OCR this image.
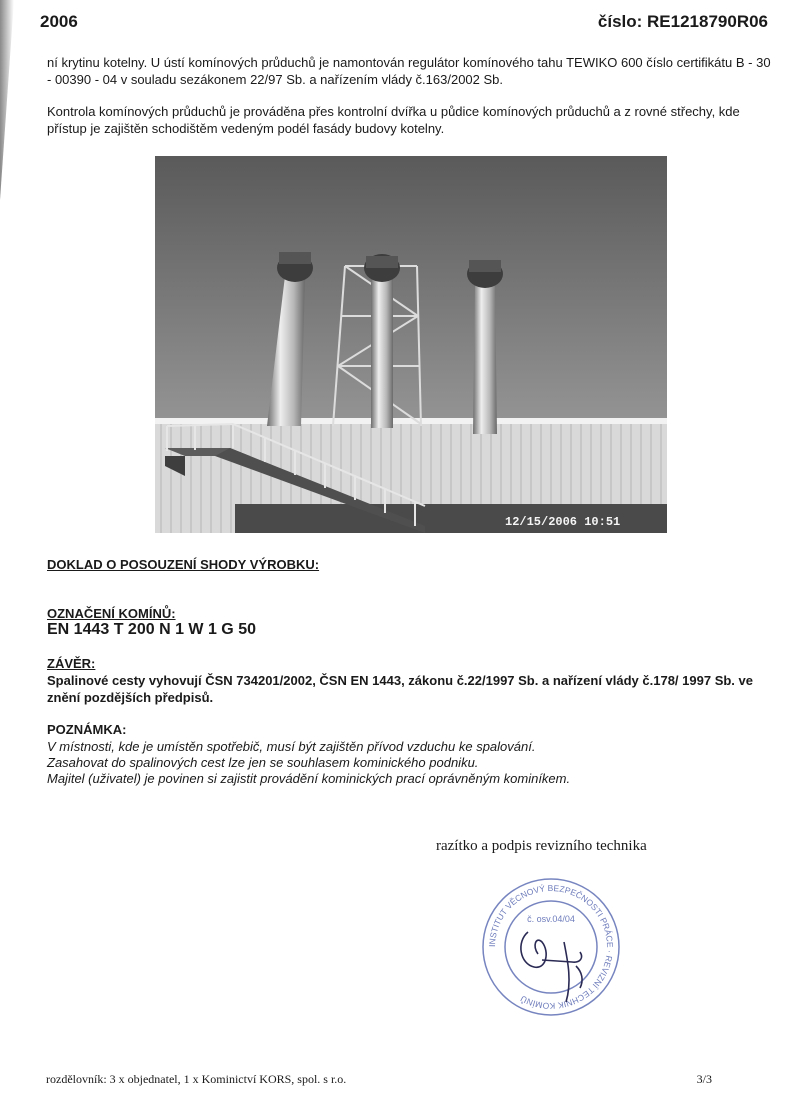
2006	číslo: RE1218790R06

ní krytinu kotelny. U ústí komínových průduchů je namontován regulátor komínového tahu TEWIKO 600 číslo certifikátu B - 30 - 00390 - 04 v souladu sezákonem 22/97 Sb. a nařízením vlády č.163/2002 Sb.

Kontrola komínových průduchů je prováděna přes kontrolní dvířka u půdice komínových průduchů a z rovné střechy, kde přístup je zajištěn schodištěm vedeným podél fasády budovy kotelny.

12/15/2006 10:51

DOKLAD O POSOUZENÍ SHODY VÝROBKU:

OZNAČENÍ KOMÍNŮ:

EN 1443 T 200 N 1 W 1 G 50

ZÁVĚR:

Spalinové cesty vyhovují ČSN 734201/2002, ČSN EN 1443, zákonu č.22/1997 Sb. a nařízení vlády č.178/ 1997 Sb. ve znění pozdějších předpisů.

POZNÁMKA:

V místnosti, kde je umístěn spotřebič, musí být zajištěn přívod vzduchu ke spalování.

Zasahovat do spalinových cest lze jen se souhlasem kominického podniku.

Majitel (uživatel) je povinen si zajistit provádění kominických prací oprávněným kominíkem.

razítko a podpis revizního technika
INSTITUT VĚCNOVÝ BEZPEČNOSTI PRÁCE · REVIZNÍ TECHNIK KOMÍNŮ
č. osv.04/04
rozdělovník: 3 x objednatel, 1 x Kominictví KORS, spol. s r.o.	3/3
